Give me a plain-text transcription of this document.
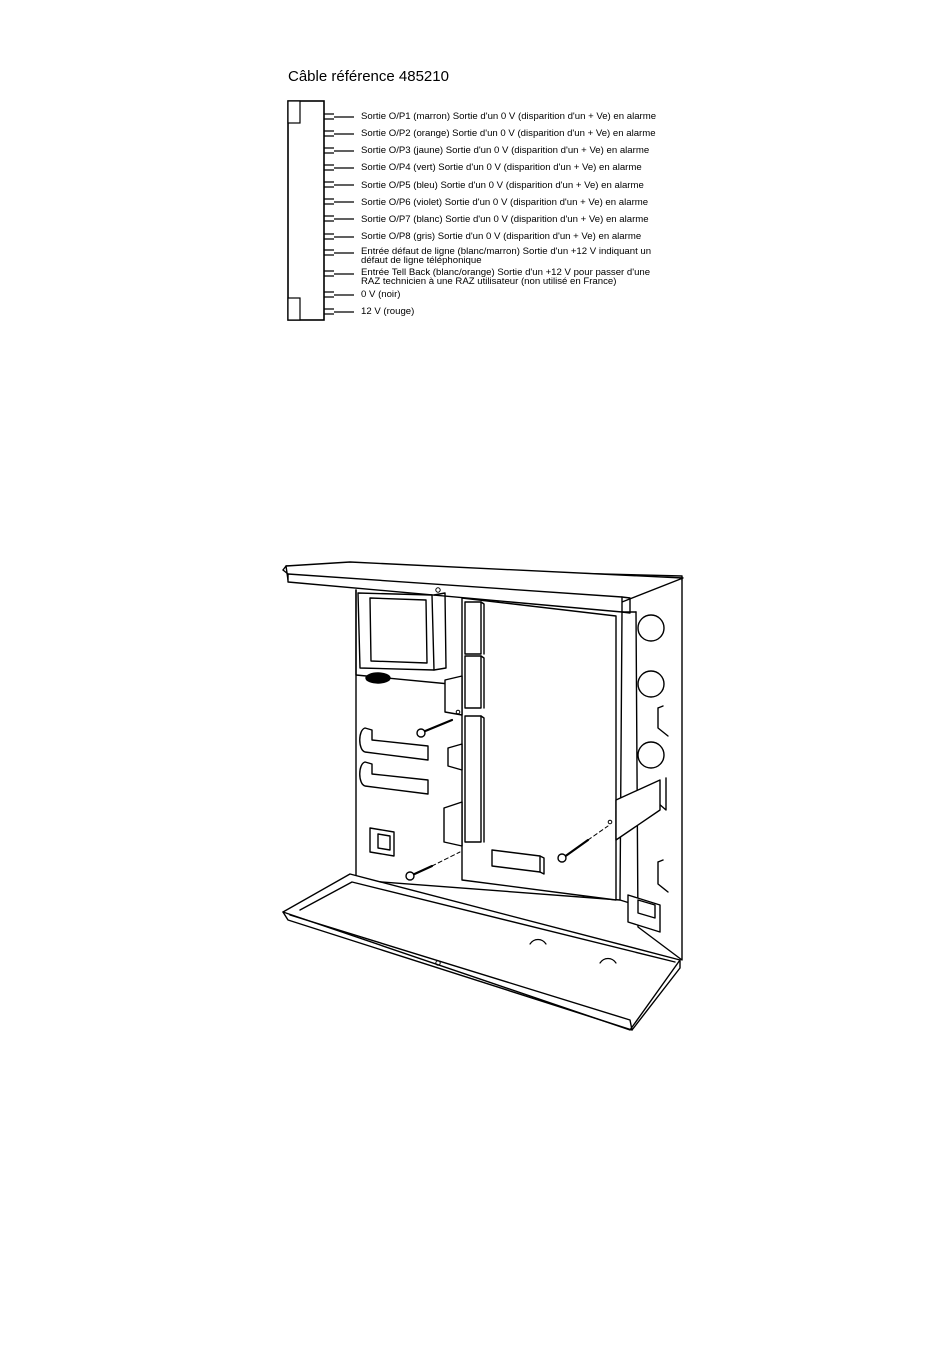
Câble référence 485210
Sortie O/P1 (marron) Sortie d'un 0 V (disparition d'un + Ve) en alarme
Sortie O/P2 (orange) Sortie d'un 0 V (disparition d'un + Ve) en alarme
Sortie O/P3 (jaune) Sortie d'un 0 V (disparition d'un + Ve) en alarme
Sortie O/P4 (vert) Sortie d'un 0 V (disparition d'un + Ve) en alarme
Sortie O/P5 (bleu) Sortie d'un 0 V (disparition d'un + Ve) en alarme
Sortie O/P6 (violet) Sortie d'un 0 V (disparition d'un + Ve) en alarme
Sortie O/P7 (blanc) Sortie d'un 0 V (disparition d'un + Ve) en alarme
Sortie O/P8 (gris) Sortie d'un 0 V (disparition d'un + Ve) en alarme
Entrée défaut de ligne (blanc/marron) Sortie d'un +12 V indiquant un
défaut de ligne téléphonique
Entrée Tell Back (blanc/orange) Sortie d'un +12 V pour passer d'une
RAZ technicien à une RAZ utilisateur (non utilisé en France)
0 V (noir)
12 V (rouge)
